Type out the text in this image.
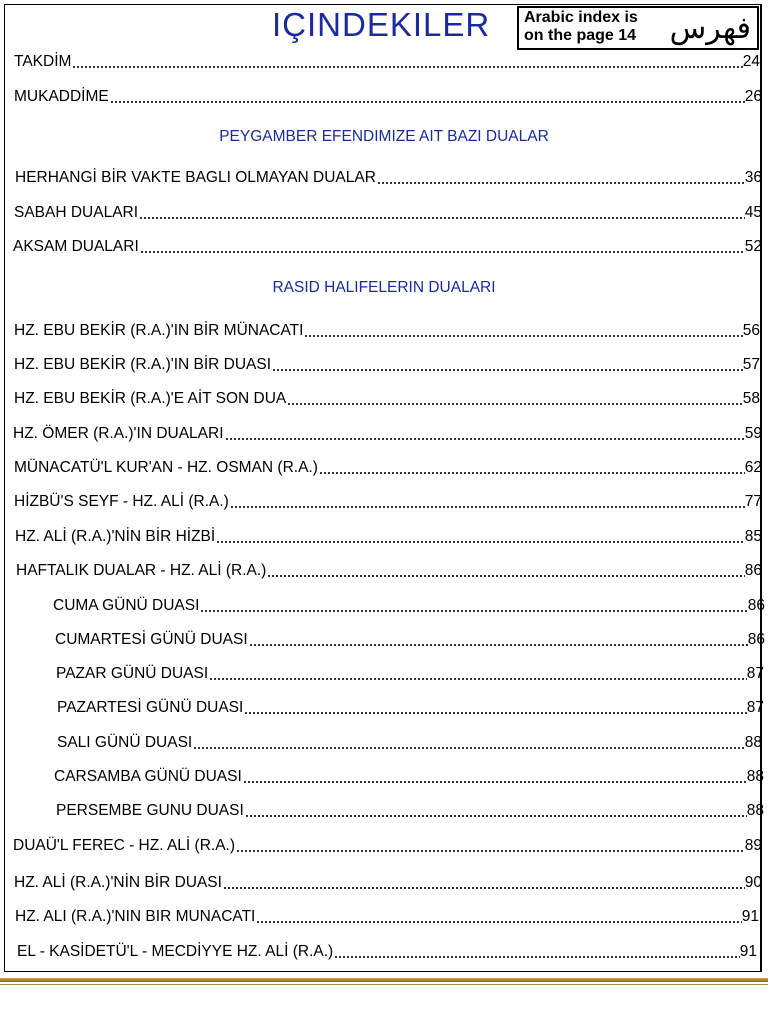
IÇINDEKILER Arabic index is
on the page 14 فهرس
PEYGAMBER EFENDIMIZE AIT BAZI DUALAR
RASID HALIFELERIN DUALARI
TAKDİM	24
MUKADDİME	26
HERHANGİ BİR VAKTE BAGLI OLMAYAN DUALAR	36
SABAH DUALARI	45
AKSAM DUALARI	52
HZ. EBU BEKİR (R.A.)'IN BİR MÜNACATI	56
HZ. EBU BEKİR (R.A.)'IN BİR DUASI	57
HZ. EBU BEKİR (R.A.)'E AİT SON DUA	58
HZ. ÖMER (R.A.)'IN DUALARI	59
MÜNACATÜ'L KUR'AN - HZ. OSMAN (R.A.)	62
HİZBÜ'S SEYF - HZ. ALİ (R.A.)	77
HZ. ALİ (R.A.)'NİN BİR HİZBİ	85
HAFTALIK DUALAR - HZ. ALİ (R.A.)	86
CUMA GÜNÜ DUASI	86
CUMARTESİ GÜNÜ DUASI	86
PAZAR GÜNÜ DUASI	87
PAZARTESİ GÜNÜ DUASI	87
SALI GÜNÜ DUASI	88
CARSAMBA GÜNÜ DUASI	88
PERSEMBE GUNU DUASI	88
DUAÜ'L FEREC - HZ. ALİ (R.A.)	89
HZ. ALİ (R.A.)'NİN BİR DUASI	90
HZ. ALI (R.A.)'NIN BIR MUNACATI	91
EL - KASİDETÜ'L - MECDİYYE HZ. ALİ (R.A.)	91
